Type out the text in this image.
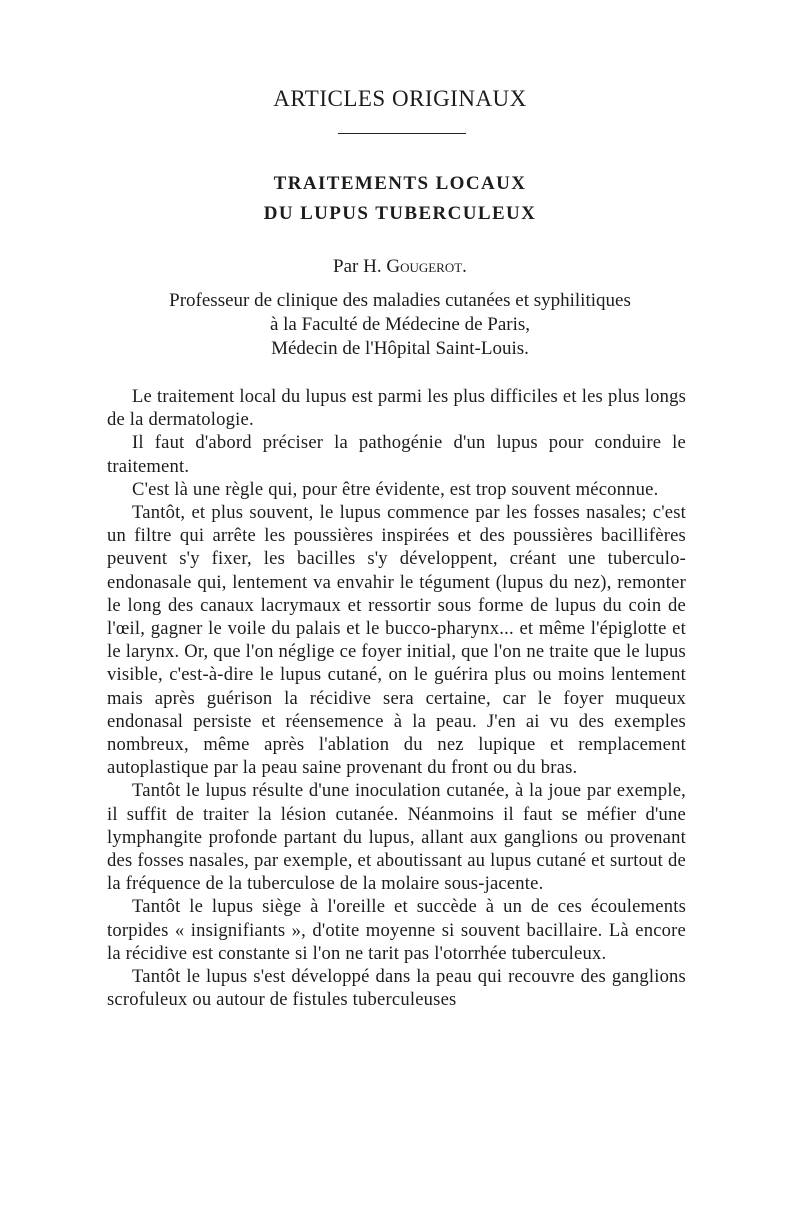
ARTICLES ORIGINAUX
TRAITEMENTS LOCAUX
DU LUPUS TUBERCULEUX
Par H. Gougerot.
Professeur de clinique des maladies cutanées et syphilitiques
à la Faculté de Médecine de Paris,
Médecin de l'Hôpital Saint-Louis.

Le traitement local du lupus est parmi les plus difficiles et les plus longs de la dermatologie.

Il faut d'abord préciser la pathogénie d'un lupus pour conduire le traitement.

C'est là une règle qui, pour être évidente, est trop souvent méconnue.

Tantôt, et plus souvent, le lupus commence par les fosses nasales; c'est un filtre qui arrête les poussières inspirées et des poussières bacillifères peuvent s'y fixer, les bacilles s'y développent, créant une tuberculo-endonasale qui, lentement va envahir le tégument (lupus du nez), remonter le long des canaux lacrymaux et ressortir sous forme de lupus du coin de l'œil, gagner le voile du palais et le bucco-pharynx... et même l'épiglotte et le larynx. Or, que l'on néglige ce foyer initial, que l'on ne traite que le lupus visible, c'est-à-dire le lupus cutané, on le guérira plus ou moins lentement mais après guérison la récidive sera certaine, car le foyer muqueux endonasal persiste et réensemence à la peau. J'en ai vu des exemples nombreux, même après l'ablation du nez lupique et remplacement autoplastique par la peau saine provenant du front ou du bras.

Tantôt le lupus résulte d'une inoculation cutanée, à la joue par exemple, il suffit de traiter la lésion cutanée. Néanmoins il faut se méfier d'une lymphangite profonde partant du lupus, allant aux ganglions ou provenant des fosses nasales, par exemple, et aboutissant au lupus cutané et surtout de la fréquence de la tuberculose de la molaire sous-jacente.

Tantôt le lupus siège à l'oreille et succède à un de ces écoulements torpides « insignifiants », d'otite moyenne si souvent bacillaire. Là encore la récidive est constante si l'on ne tarit pas l'otorrhée tuberculeux.

Tantôt le lupus s'est développé dans la peau qui recouvre des ganglions scrofuleux ou autour de fistules tuberculeuses
